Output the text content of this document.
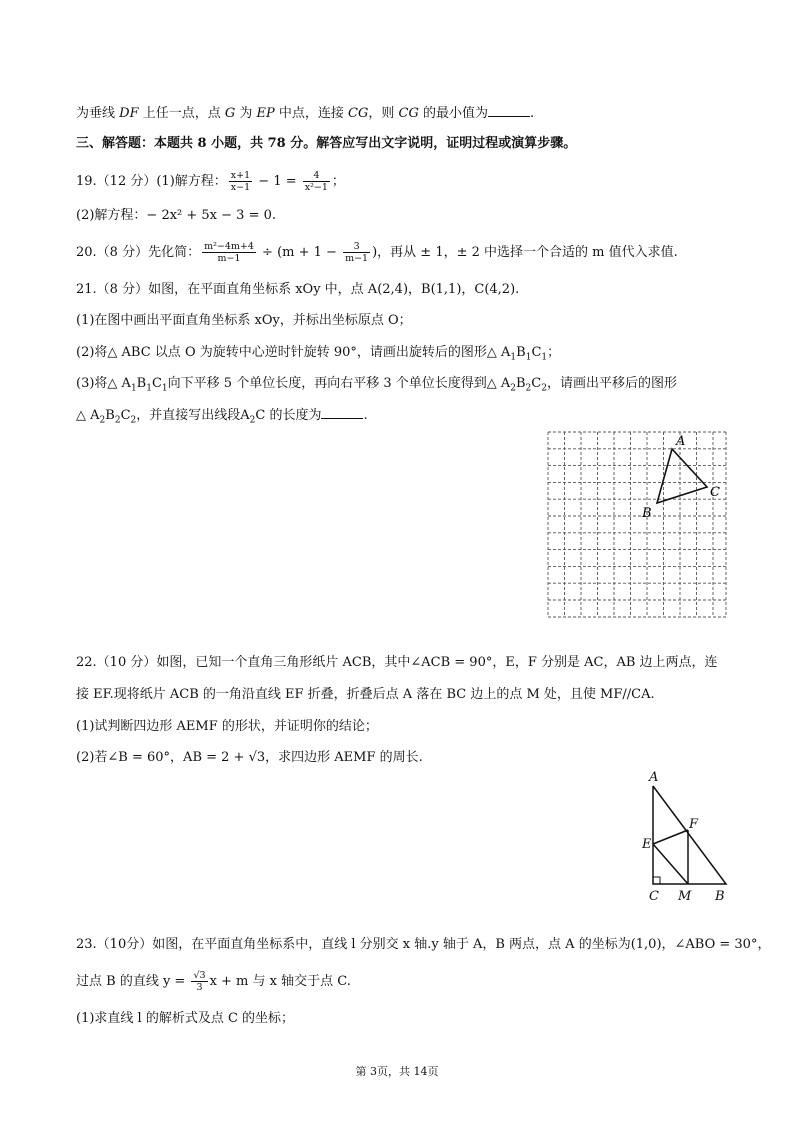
为垂线 DF 上任一点，点 G 为 EP 中点，连接 CG，则 CG 的最小值为	.
三、解答题：本题共 8 小题，共 78 分。解答应写出文字说明，证明过程或演算步骤。
19.（12 分）(1)解方程： $\frac{x+1}{x-1} - 1 = \frac{4}{\text{x²−1}}$ ；
(2)解方程：− 2x² + 5x − 3 = 0.
20.（8 分）先化简： $\frac{\text{m²−4m+4}}{m-1} \div (m + 1 - \frac{3}{m-1}$ )，再从 ± 1，± 2 中选择一个合适的 m 值代入求值.
21.（8 分）如图，在平面直角坐标系 xOy 中，点 A(2,4)，B(1,1)，C(4,2).
(1)在图中画出平面直角坐标系 xOy，并标出坐标原点 O；
(2)将△ ABC 以点 O 为旋转中心逆时针旋转 90°，请画出旋转后的图形△ $A_1B_1C_1$；
(3)将△ $A_1B_1C_1$向下平移 5 个单位长度，再向右平移 3 个单位长度得到△ $A_2B_2C_2$，请画出平移后的图形
△ $A_2B_2C_2$，并直接写出线段$A_2C$ 的长度为	.
A
B
C
22.（10 分）如图，已知一个直角三角形纸片 ACB，其中∠ACB = 90°，E，F 分别是 AC，AB 边上两点，连
接 EF.现将纸片 ACB 的一角沿直线 EF 折叠，折叠后点 A 落在 BC 边上的点 M 处，且使 MF//CA.
(1)试判断四边形 AEMF 的形状，并证明你的结论；
(2)若∠B = 60°，AB = 2 + √3，求四边形 AEMF 的周长.
A
E
F
C M B
23.（10分）如图，在平面直角坐标系中，直线 l 分别交 x 轴.y 轴于 A，B 两点，点 A 的坐标为(1,0)，∠ABO = 30°，
过点 B 的直线 $y = \frac{√3}{3}$ x + m 与 x 轴交于点 C.
(1)求直线 l 的解析式及点 C 的坐标；
第 3页，共 14页
